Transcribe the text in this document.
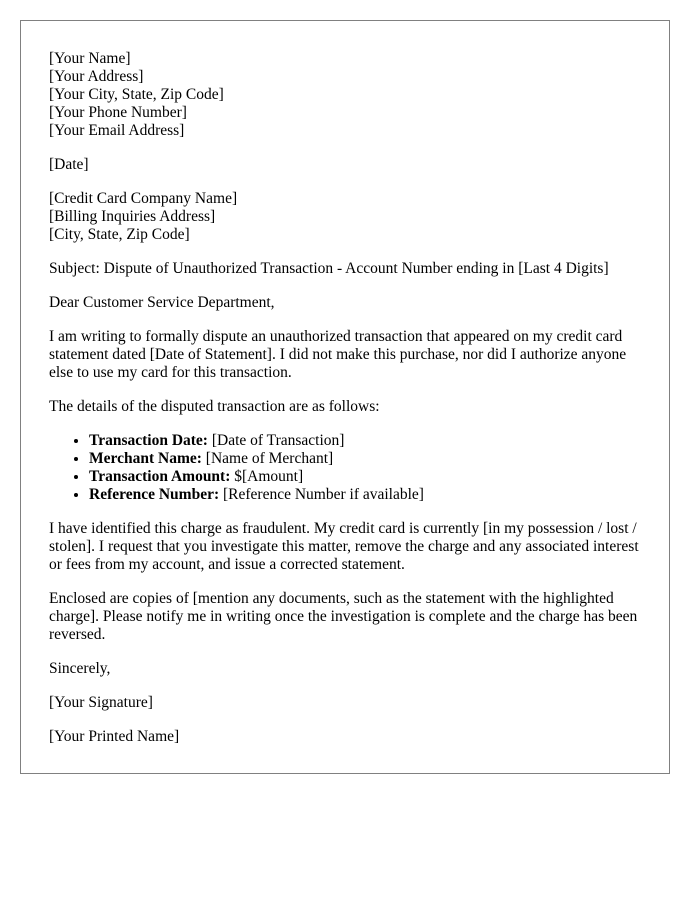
[Your Name]
[Your Address]
[Your City, State, Zip Code]
[Your Phone Number]
[Your Email Address]

[Date]

[Credit Card Company Name]
[Billing Inquiries Address]
[City, State, Zip Code]

Subject: Dispute of Unauthorized Transaction - Account Number ending in [Last 4 Digits]

Dear Customer Service Department,

I am writing to formally dispute an unauthorized transaction that appeared on my credit card statement dated [Date of Statement]. I did not make this purchase, nor did I authorize anyone else to use my card for this transaction.

The details of the disputed transaction are as follows:

• Transaction Date: [Date of Transaction]
• Merchant Name: [Name of Merchant]
• Transaction Amount: $[Amount]
• Reference Number: [Reference Number if available]

I have identified this charge as fraudulent. My credit card is currently [in my possession / lost / stolen]. I request that you investigate this matter, remove the charge and any associated interest or fees from my account, and issue a corrected statement.

Enclosed are copies of [mention any documents, such as the statement with the highlighted charge]. Please notify me in writing once the investigation is complete and the charge has been reversed.

Sincerely,

[Your Signature]

[Your Printed Name]
